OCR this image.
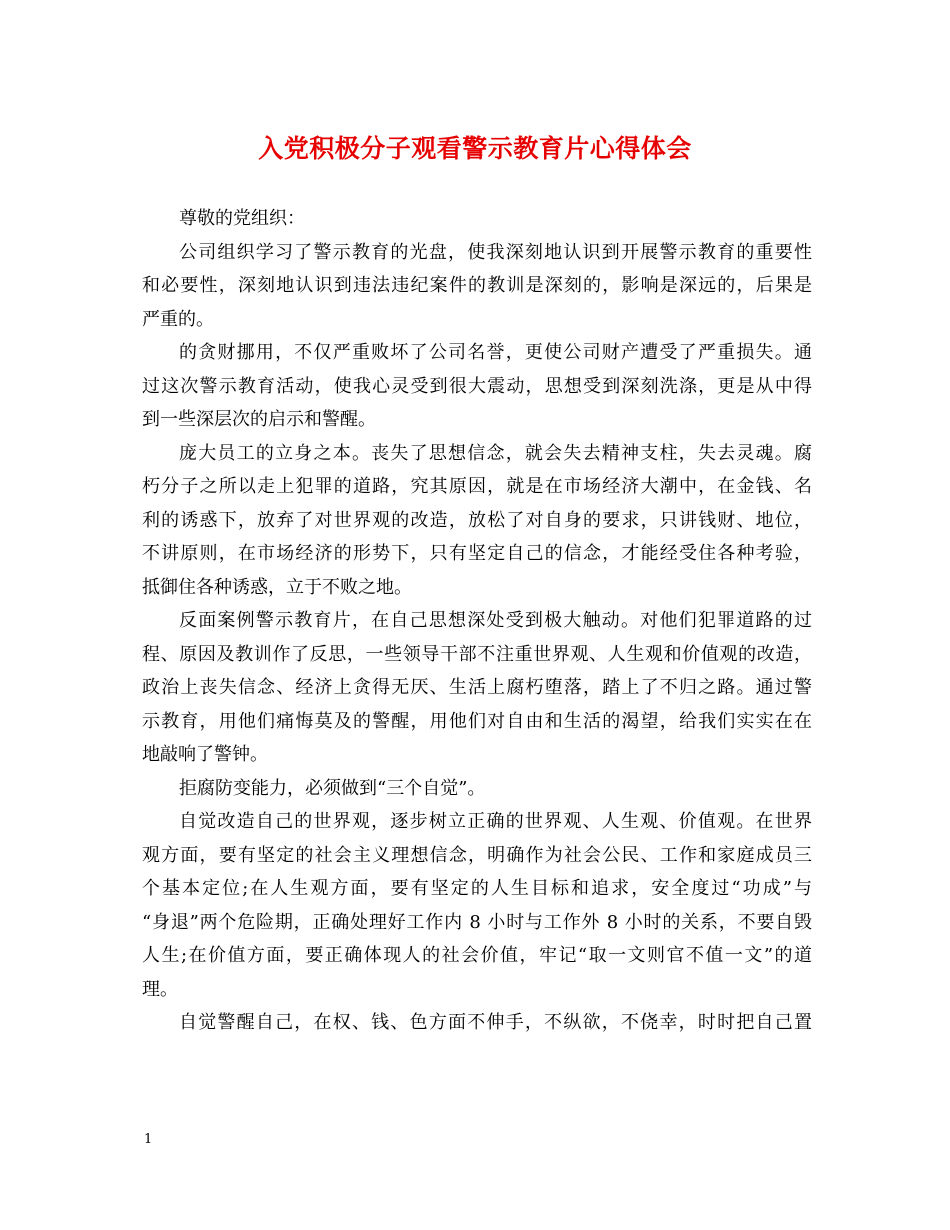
入党积极分子观看警示教育片心得体会
尊敬的党组织：
公司组织学习了警示教育的光盘，使我深刻地认识到开展警示教育的重要性
和必要性，深刻地认识到违法违纪案件的教训是深刻的，影响是深远的，后果是
严重的。
的贪财挪用，不仅严重败坏了公司名誉，更使公司财产遭受了严重损失。通
过这次警示教育活动，使我心灵受到很大震动，思想受到深刻洗涤，更是从中得
到一些深层次的启示和警醒。
庞大员工的立身之本。丧失了思想信念，就会失去精神支柱，失去灵魂。腐
朽分子之所以走上犯罪的道路，究其原因，就是在市场经济大潮中，在金钱、名
利的诱惑下，放弃了对世界观的改造，放松了对自身的要求，只讲钱财、地位，
不讲原则，在市场经济的形势下，只有坚定自己的信念，才能经受住各种考验，
抵御住各种诱惑，立于不败之地。
反面案例警示教育片，在自己思想深处受到极大触动。对他们犯罪道路的过
程、原因及教训作了反思，一些领导干部不注重世界观、人生观和价值观的改造，
政治上丧失信念、经济上贪得无厌、生活上腐朽堕落，踏上了不归之路。通过警
示教育，用他们痛悔莫及的警醒，用他们对自由和生活的渴望，给我们实实在在
地敲响了警钟。
拒腐防变能力，必须做到“三个自觉”。
自觉改造自己的世界观，逐步树立正确的世界观、人生观、价值观。在世界
观方面，要有坚定的社会主义理想信念，明确作为社会公民、工作和家庭成员三
个基本定位;在人生观方面，要有坚定的人生目标和追求，安全度过“功成”与
“身退”两个危险期，正确处理好工作内 8 小时与工作外 8 小时的关系，不要自毁
人生;在价值方面，要正确体现人的社会价值，牢记“取一文则官不值一文”的道
理。
自觉警醒自己，在权、钱、色方面不伸手，不纵欲，不侥幸，时时把自己置
1
